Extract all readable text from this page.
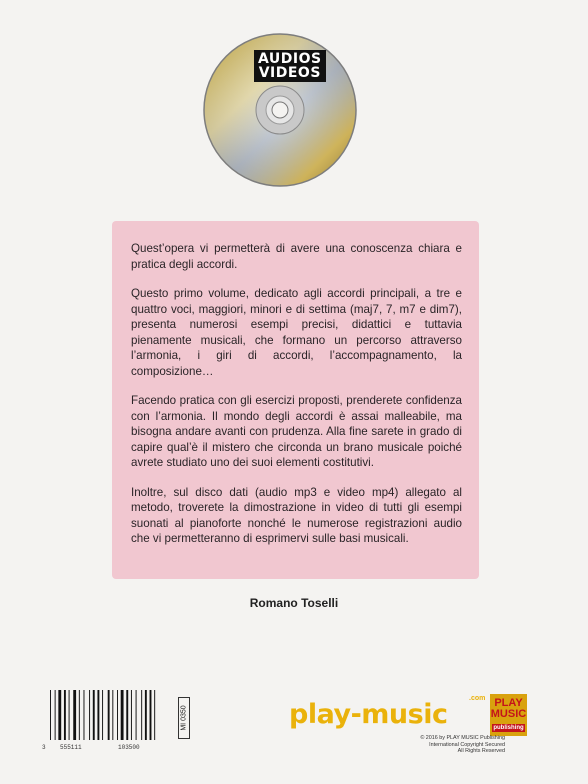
AUDIOS
VIDEOS

Quest’opera vi permetterà di avere una conoscenza chiara e pratica degli accordi.

Questo primo volume, dedicato agli accordi principali, a tre e quattro voci, maggiori, minori e di settima (maj7, 7, m7 e dim7), presenta numerosi esempi precisi, didattici e tuttavia pienamente musicali, che formano un percorso attraverso l’armonia, i giri di accordi, l’accompagnamento, la composizione…

Facendo pratica con gli esercizi proposti, prenderete confidenza con l’armonia. Il mondo degli accordi è assai malleabile, ma bisogna andare avanti con prudenza. Alla fine sarete in grado di capire qual’è il mistero che circonda un brano musicale poiché avrete studiato uno dei suoi elementi costitutivi.

Inoltre, sul disco dati (audio mp3 e video mp4) allegato al metodo, troverete la dimostrazione in video di tutti gli esempi suonati al pianoforte nonché le numerose registrazioni audio che vi permetteranno di esprimervi sulle basi musicali.

Romano Toselli
3 555111	103500
MI 0350	play-music
.com PLAY
MUSIC
publishing
© 2016 by PLAY MUSIC Publishing
International Copyright Secured
All Rights Reserved
